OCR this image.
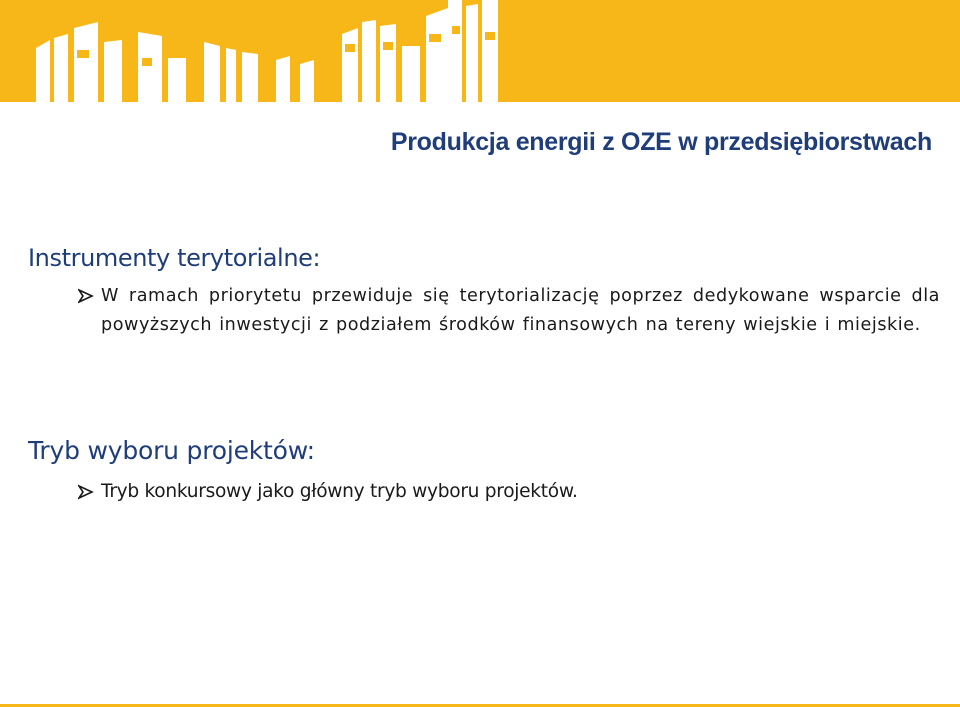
Produkcja energii z OZE w przedsiębiorstwach
Instrumenty terytorialne:
W ramach priorytetu przewiduje się terytorializację poprzez dedykowane wsparcie dla powyższych inwestycji z podziałem środków finansowych na tereny wiejskie i miejskie.
Tryb wyboru projektów:
Tryb konkursowy jako główny tryb wyboru projektów.
